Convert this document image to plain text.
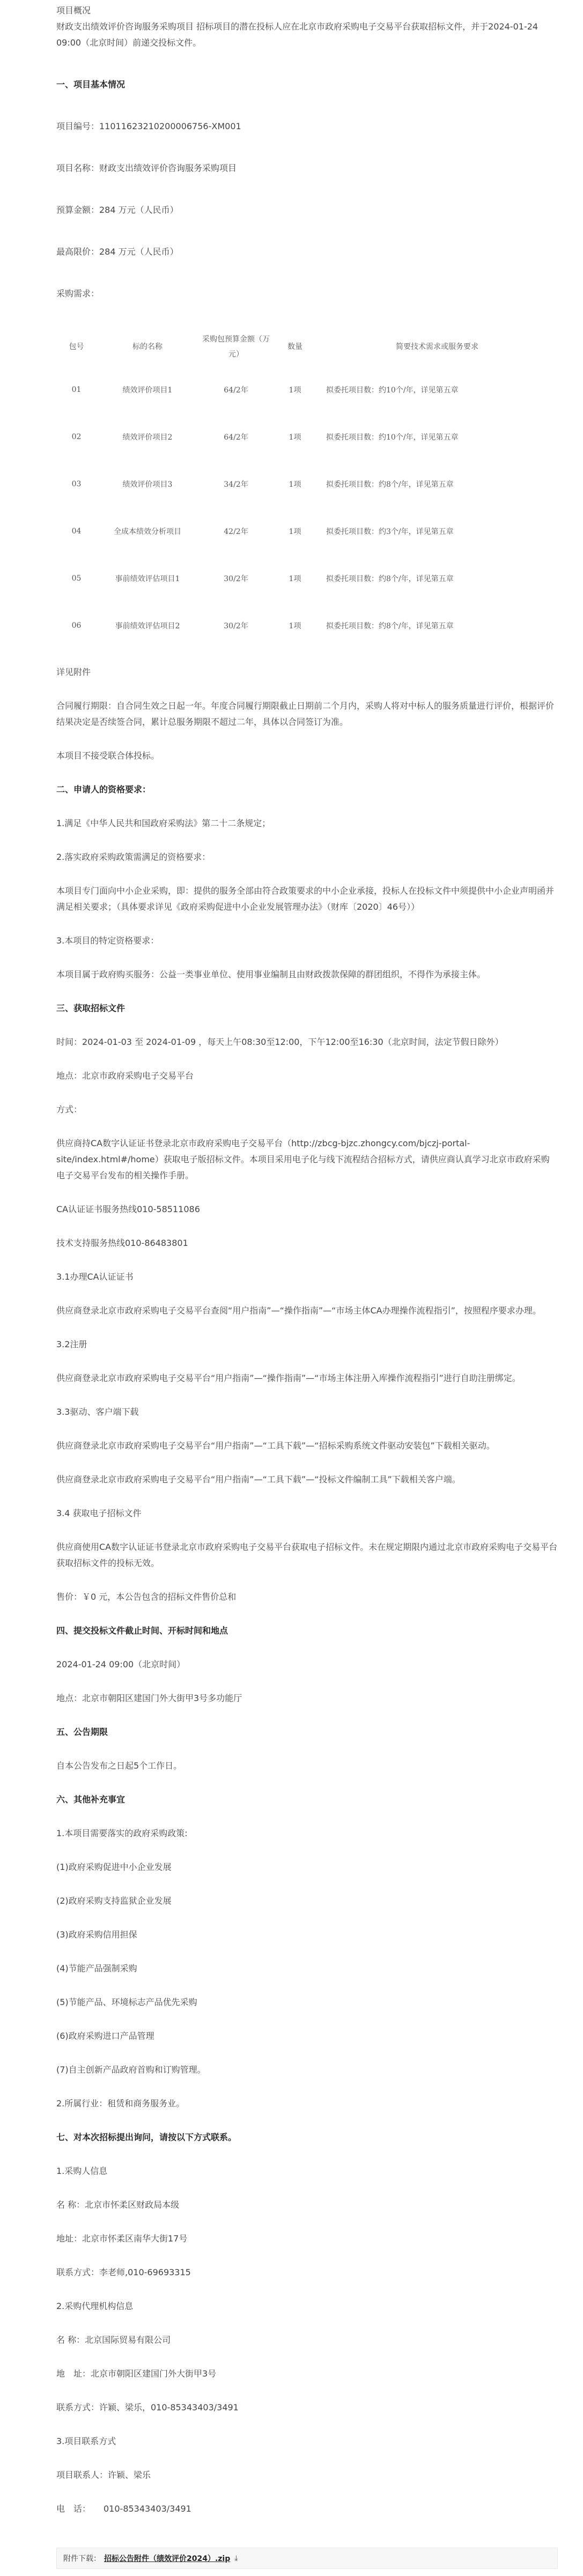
项目概况

财政支出绩效评价咨询服务采购项目 招标项目的潜在投标人应在北京市政府采购电子交易平台获取招标文件，并于2024-01-24 09:00（北京时间）前递交投标文件。

一、项目基本情况

项目编号：11011623210200006756-XM001

项目名称：财政支出绩效评价咨询服务采购项目

预算金额：284 万元（人民币）

最高限价：284 万元（人民币）

采购需求：

包号	标的名称	采购包预算金额（万元）	数量	简要技术需求或服务要求
01	绩效评价项目1	64/2年	1项	拟委托项目数：约10个/年，详见第五章
02	绩效评价项目2	64/2年	1项	拟委托项目数：约10个/年，详见第五章
03	绩效评价项目3	34/2年	1项	拟委托项目数：约8个/年，详见第五章
04	全成本绩效分析项目	42/2年	1项	拟委托项目数：约3个/年，详见第五章
05	事前绩效评估项目1	30/2年	1项	拟委托项目数：约8个/年，详见第五章
06	事前绩效评估项目2	30/2年	1项	拟委托项目数：约8个/年，详见第五章

详见附件

合同履行期限：自合同生效之日起一年。年度合同履行期限截止日期前二个月内，采购人将对中标人的服务质量进行评价，根据评价结果决定是否续签合同，累计总服务期限不超过二年，具体以合同签订为准。

本项目不接受联合体投标。

二、申请人的资格要求：

1.满足《中华人民共和国政府采购法》第二十二条规定；

2.落实政府采购政策需满足的资格要求：

本项目专门面向中小企业采购，即：提供的服务全部由符合政策要求的中小企业承接，投标人在投标文件中须提供中小企业声明函并满足相关要求；（具体要求详见《政府采购促进中小企业发展管理办法》（财库〔2020〕46号））

3.本项目的特定资格要求：

本项目属于政府购买服务：公益一类事业单位、使用事业编制且由财政拨款保障的群团组织，不得作为承接主体。

三、获取招标文件

时间：2024-01-03 至 2024-01-09 ，每天上午08:30至12:00，下午12:00至16:30（北京时间，法定节假日除外）

地点：北京市政府采购电子交易平台

方式：

供应商持CA数字认证证书登录北京市政府采购电子交易平台（http://zbcg-bjzc.zhongcy.com/bjczj-portal-site/index.html#/home）获取电子版招标文件。本项目采用电子化与线下流程结合招标方式，请供应商认真学习北京市政府采购电子交易平台发布的相关操作手册。

CA认证证书服务热线010-58511086

技术支持服务热线010-86483801

3.1办理CA认证证书

供应商登录北京市政府采购电子交易平台查阅“用户指南”—“操作指南”—“市场主体CA办理操作流程指引”，按照程序要求办理。

3.2注册

供应商登录北京市政府采购电子交易平台“用户指南”—“操作指南”—“市场主体注册入库操作流程指引”进行自助注册绑定。

3.3驱动、客户端下载

供应商登录北京市政府采购电子交易平台“用户指南”—“工具下载”—“招标采购系统文件驱动安装包”下载相关驱动。

供应商登录北京市政府采购电子交易平台“用户指南”—“工具下载”—“投标文件编制工具”下载相关客户端。

3.4 获取电子招标文件

供应商使用CA数字认证证书登录北京市政府采购电子交易平台获取电子招标文件。未在规定期限内通过北京市政府采购电子交易平台获取招标文件的投标无效。

售价：￥0 元，本公告包含的招标文件售价总和

四、提交投标文件截止时间、开标时间和地点

2024-01-24 09:00（北京时间）

地点：北京市朝阳区建国门外大街甲3号多功能厅

五、公告期限

自本公告发布之日起5个工作日。

六、其他补充事宜

1.本项目需要落实的政府采购政策:

(1)政府采购促进中小企业发展

(2)政府采购支持监狱企业发展

(3)政府采购信用担保

(4)节能产品强制采购

(5)节能产品、环境标志产品优先采购

(6)政府采购进口产品管理

(7)自主创新产品政府首购和订购管理。

2.所属行业：租赁和商务服务业。

七、对本次招标提出询问，请按以下方式联系。

1.采购人信息

名 称：北京市怀柔区财政局本级

地址：北京市怀柔区南华大街17号

联系方式：李老师,010-69693315

2.采购代理机构信息

名 称：北京国际贸易有限公司

地　址：北京市朝阳区建国门外大街甲3号

联系方式：许颖、梁乐，010-85343403/3491

3.项目联系方式

项目联系人：许颖、梁乐

电　话：　　010-85343403/3491

附件下载： 招标公告附件（绩效评价2024）.zip ⤓
